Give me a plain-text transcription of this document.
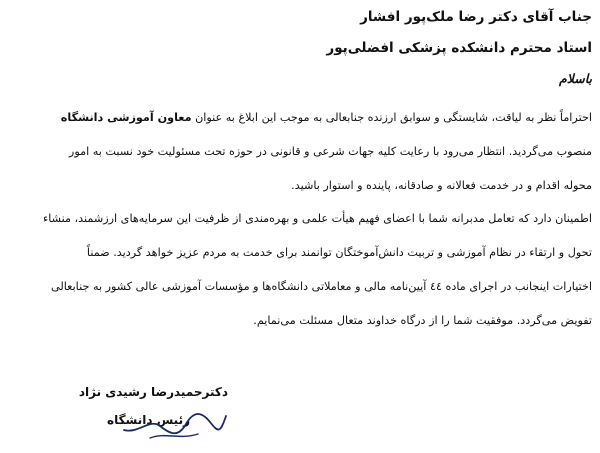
جناب آقای دکتر رضا ملک‌پور افشار
استاد محترم دانشکده پزشکی افضلی‌پور
باسلام
احتراماً نظر به لیاقت، شایستگی و سوابق ارزنده جنابعالی به موجب این ابلاغ به عنوان معاون آموزشی دانشگاه
منصوب می‌گردید. انتظار می‌رود با رعایت کلیه جهات شرعی و قانونی در حوزه تحت مسئولیت خود نسبت به امور
محوله اقدام و در خدمت فعالانه و صادقانه، پاینده و استوار باشید.
اطمینان دارد که تعامل مدبرانه شما با اعضای فهیم هیأت علمی و بهره‌مندی از ظرفیت این سرمایه‌های ارزشمند، منشاء
تحول و ارتقاء در نظام آموزشی و تربیت دانش‌آموختگان توانمند برای خدمت به مردم عزیز خواهد گردید. ضمناً
اختیارات اینجانب در اجرای ماده ٤٤ آیین‌نامه مالی و معاملاتی دانشگاه‌ها و مؤسسات آموزشی عالی کشور به جنابعالی
تفویض می‌گردد. موفقیت شما را از درگاه خداوند متعال مسئلت می‌نمایم.
دکترحمیدرضا رشیدی نژاد
رئیس دانشگاه
